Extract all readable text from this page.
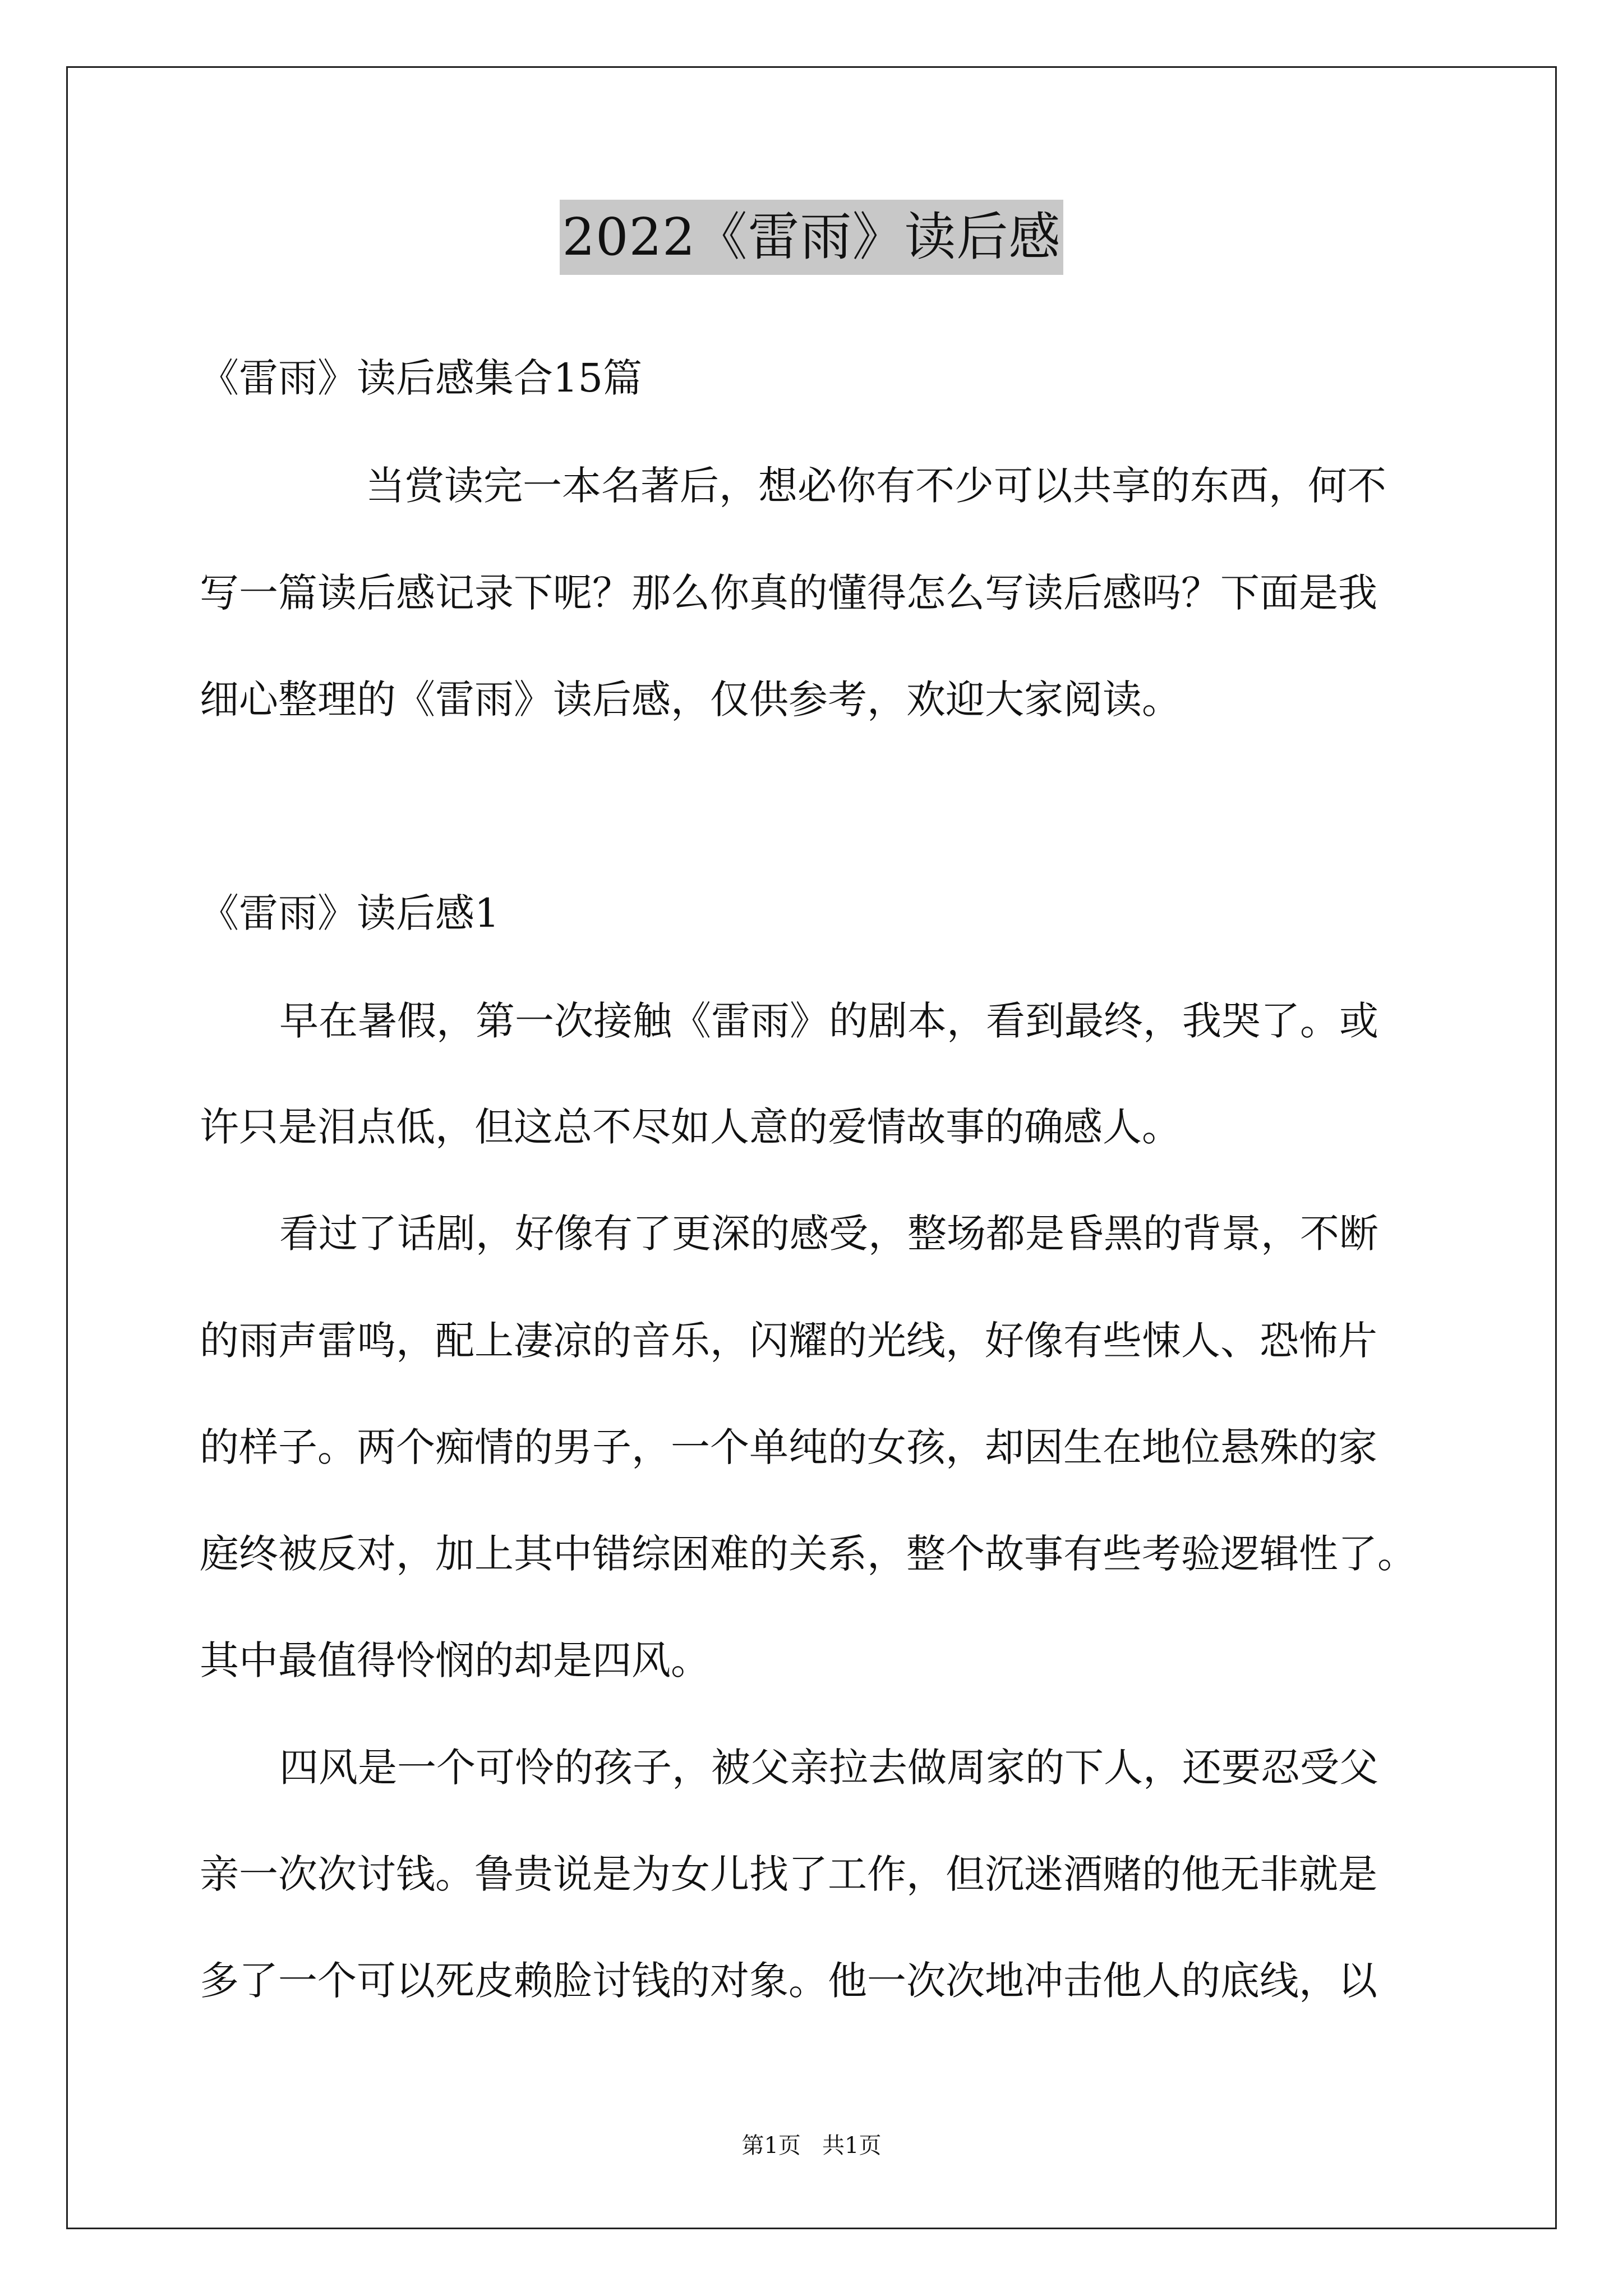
2022《雷雨》读后感
《雷雨》读后感集合15篇
当赏读完一本名著后，想必你有不少可以共享的东西，何不
写一篇读后感记录下呢？那么你真的懂得怎么写读后感吗？下面是我
细心整理的《雷雨》读后感，仅供参考，欢迎大家阅读。
《雷雨》读后感1
早在暑假，第一次接触《雷雨》的剧本，看到最终，我哭了。或
许只是泪点低，但这总不尽如人意的爱情故事的确感人。
看过了话剧，好像有了更深的感受，整场都是昏黑的背景，不断
的雨声雷鸣，配上凄凉的音乐，闪耀的光线，好像有些悚人、恐怖片
的样子。两个痴情的男子，一个单纯的女孩，却因生在地位悬殊的家
庭终被反对，加上其中错综困难的关系，整个故事有些考验逻辑性了。
其中最值得怜悯的却是四风。
四风是一个可怜的孩子，被父亲拉去做周家的下人，还要忍受父
亲一次次讨钱。鲁贵说是为女儿找了工作，但沉迷酒赌的他无非就是
多了一个可以死皮赖脸讨钱的对象。他一次次地冲击他人的底线，以
第1页   共1页
